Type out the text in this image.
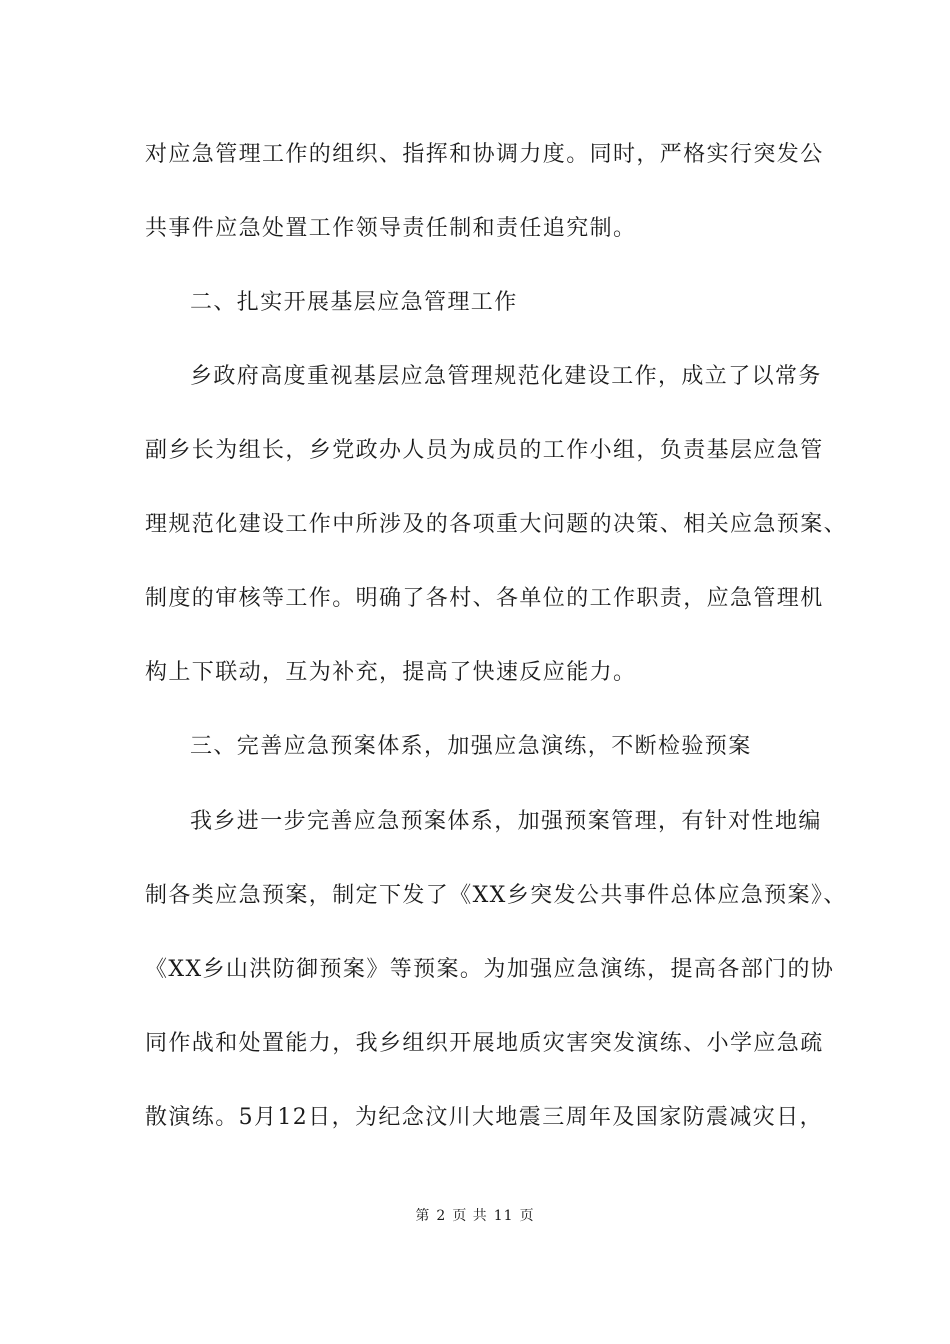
对应急管理工作的组织、指挥和协调力度。同时，严格实行突发公
共事件应急处置工作领导责任制和责任追究制。
二、扎实开展基层应急管理工作
乡政府高度重视基层应急管理规范化建设工作，成立了以常务
副乡长为组长，乡党政办人员为成员的工作小组，负责基层应急管
理规范化建设工作中所涉及的各项重大问题的决策、相关应急预案、
制度的审核等工作。明确了各村、各单位的工作职责，应急管理机
构上下联动，互为补充，提高了快速反应能力。
三、完善应急预案体系，加强应急演练，不断检验预案
我乡进一步完善应急预案体系，加强预案管理，有针对性地编
制各类应急预案，制定下发了《XX乡突发公共事件总体应急预案》、
《XX乡山洪防御预案》等预案。为加强应急演练，提高各部门的协
同作战和处置能力，我乡组织开展地质灾害突发演练、小学应急疏
散演练。5月12日，为纪念汶川大地震三周年及国家防震减灾日，
第 2 页 共 11 页
